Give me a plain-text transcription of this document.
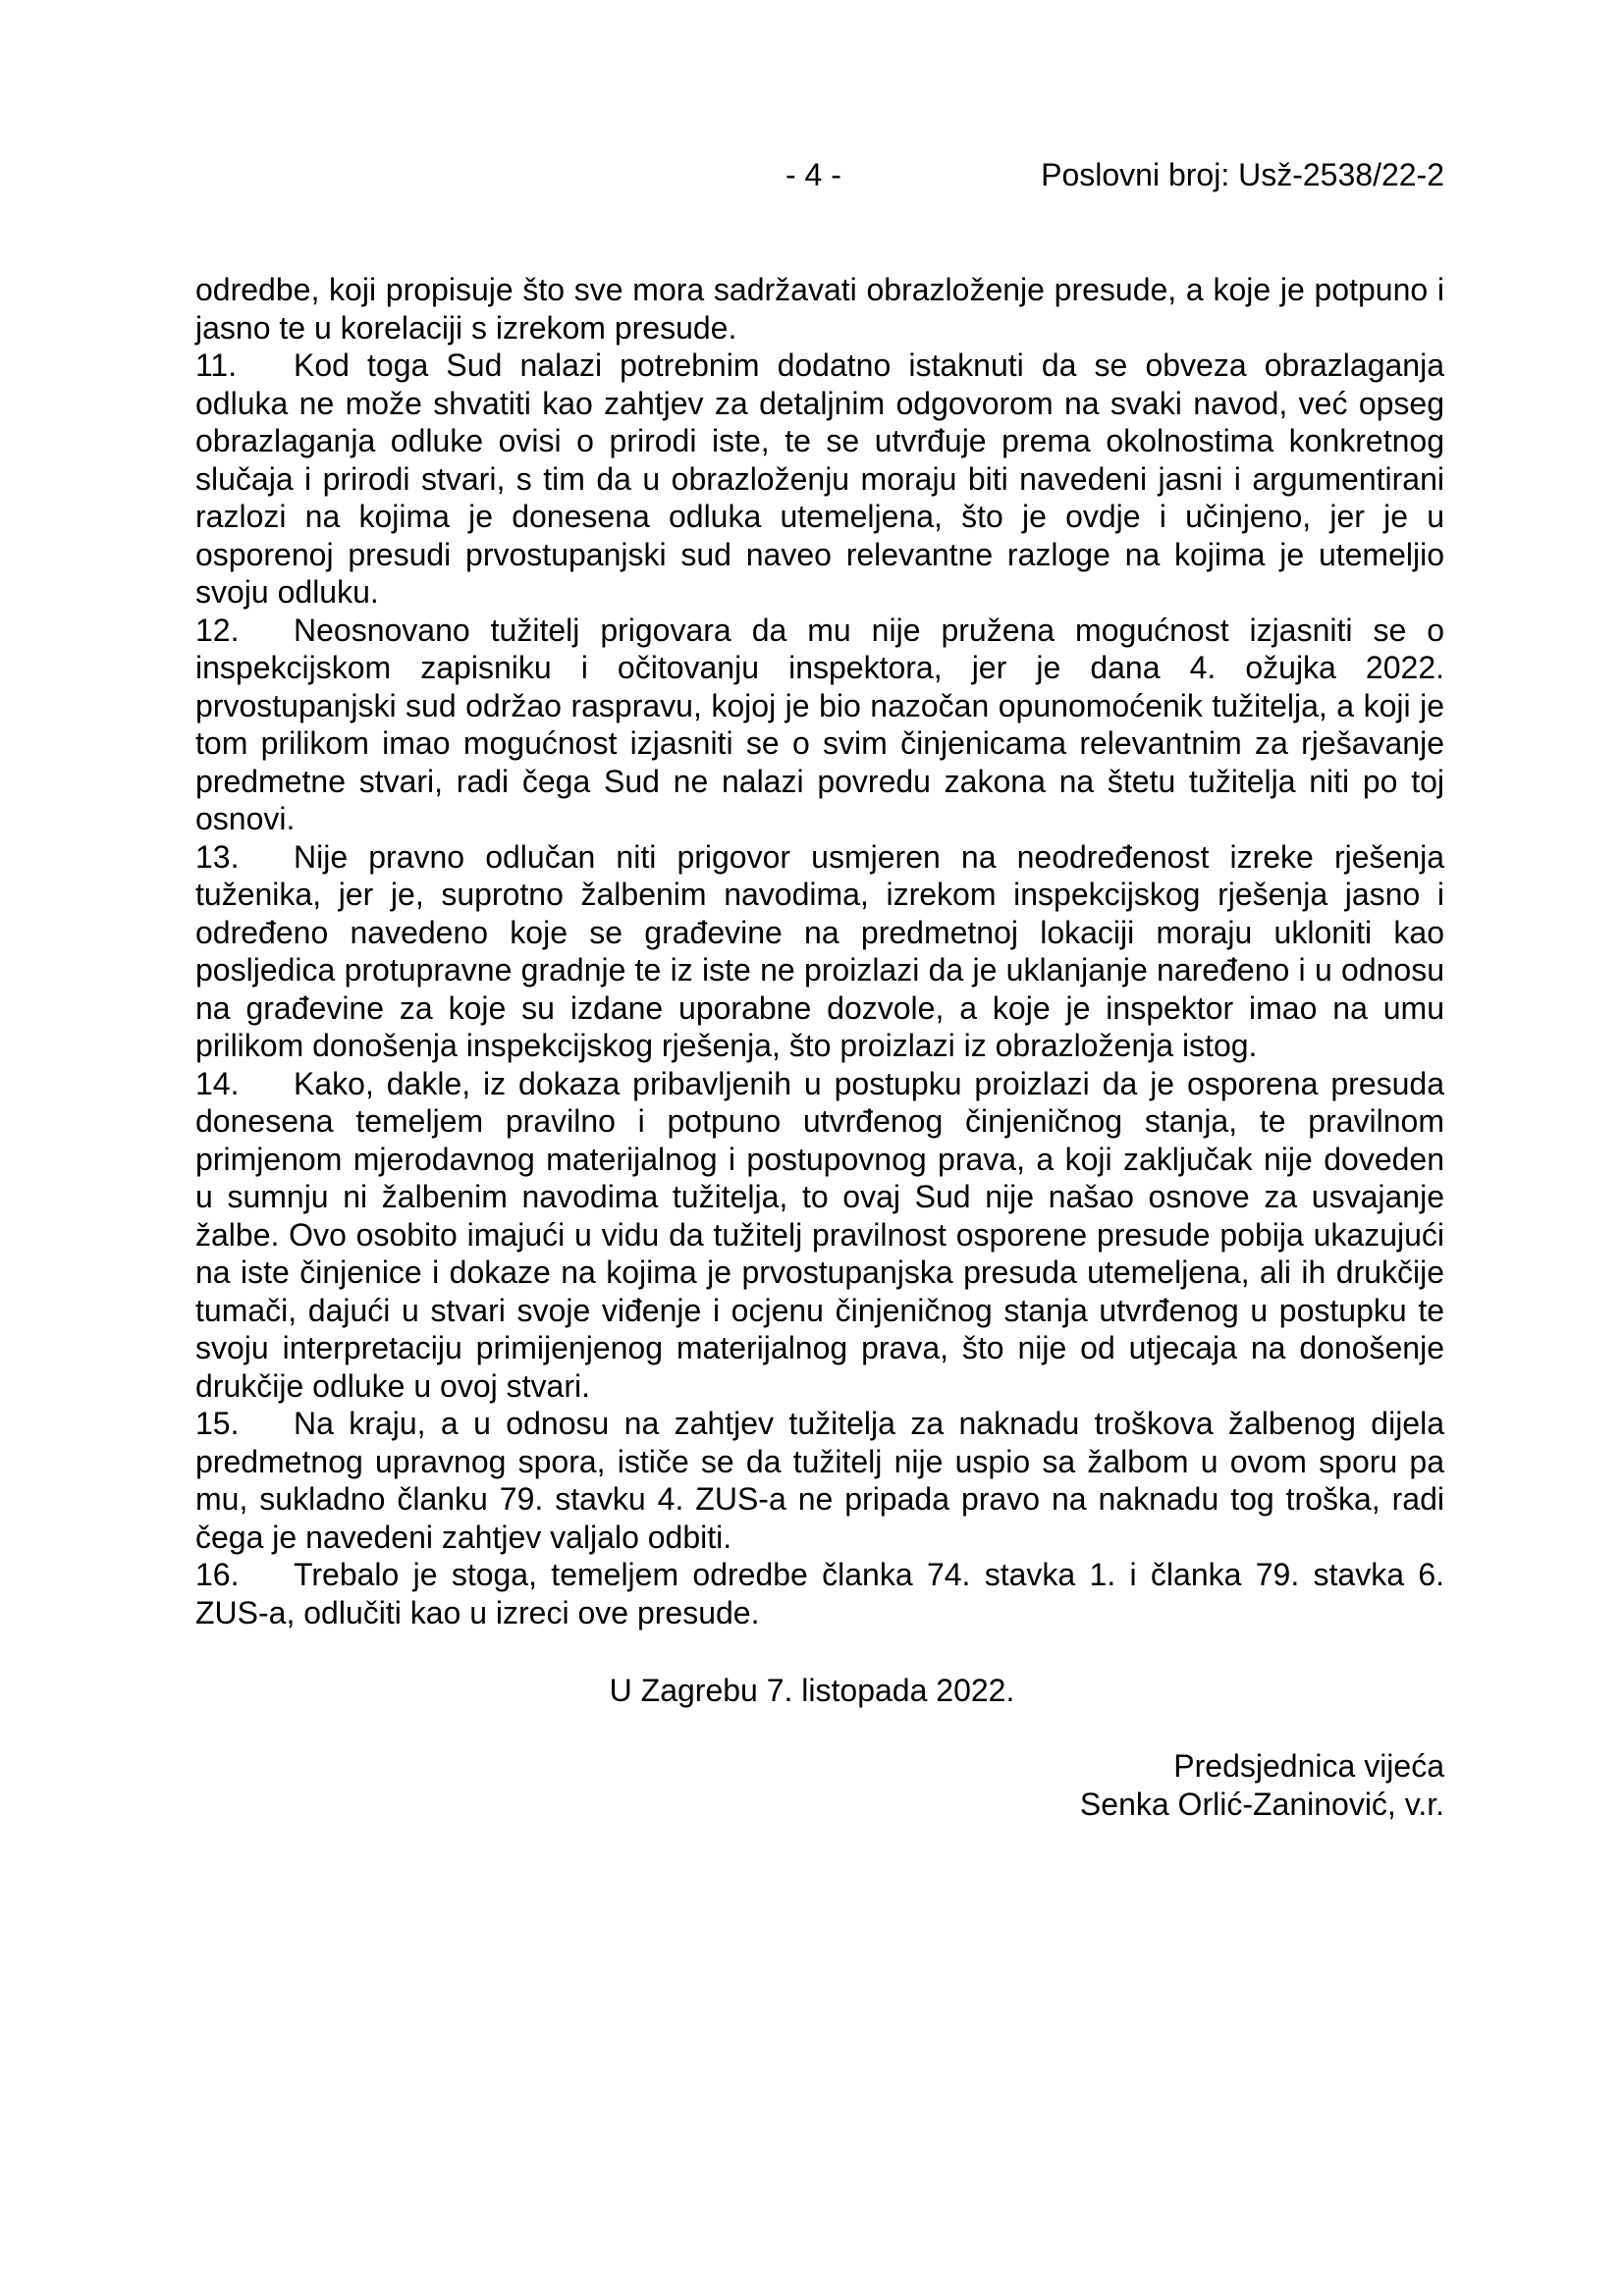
- 4 -	Poslovni broj: Usž-2538/22-2

odredbe, koji propisuje što sve mora sadržavati obrazloženje presude, a koje je potpuno i jasno te u korelaciji s izrekom presude.

11. Kod toga Sud nalazi potrebnim dodatno istaknuti da se obveza obrazlaganja odluka ne može shvatiti kao zahtjev za detaljnim odgovorom na svaki navod, već opseg obrazlaganja odluke ovisi o prirodi iste, te se utvrđuje prema okolnostima konkretnog slučaja i prirodi stvari, s tim da u obrazloženju moraju biti navedeni jasni i argumentirani razlozi na kojima je donesena odluka utemeljena, što je ovdje i učinjeno, jer je u osporenoj presudi prvostupanjski sud naveo relevantne razloge na kojima je utemeljio svoju odluku.

12. Neosnovano tužitelj prigovara da mu nije pružena mogućnost izjasniti se o inspekcijskom zapisniku i očitovanju inspektora, jer je dana 4. ožujka 2022. prvostupanjski sud održao raspravu, kojoj je bio nazočan opunomoćenik tužitelja, a koji je tom prilikom imao mogućnost izjasniti se o svim činjenicama relevantnim za rješavanje predmetne stvari, radi čega Sud ne nalazi povredu zakona na štetu tužitelja niti po toj osnovi.

13. Nije pravno odlučan niti prigovor usmjeren na neodređenost izreke rješenja tuženika, jer je, suprotno žalbenim navodima, izrekom inspekcijskog rješenja jasno i određeno navedeno koje se građevine na predmetnoj lokaciji moraju ukloniti kao posljedica protupravne gradnje te iz iste ne proizlazi da je uklanjanje naređeno i u odnosu na građevine za koje su izdane uporabne dozvole, a koje je inspektor imao na umu prilikom donošenja inspekcijskog rješenja, što proizlazi iz obrazloženja istog.

14. Kako, dakle, iz dokaza pribavljenih u postupku proizlazi da je osporena presuda donesena temeljem pravilno i potpuno utvrđenog činjeničnog stanja, te pravilnom primjenom mjerodavnog materijalnog i postupovnog prava, a koji zaključak nije doveden u sumnju ni žalbenim navodima tužitelja, to ovaj Sud nije našao osnove za usvajanje žalbe. Ovo osobito imajući u vidu da tužitelj pravilnost osporene presude pobija ukazujući na iste činjenice i dokaze na kojima je prvostupanjska presuda utemeljena, ali ih drukčije tumači, dajući u stvari svoje viđenje i ocjenu činjeničnog stanja utvrđenog u postupku te svoju interpretaciju primijenjenog materijalnog prava, što nije od utjecaja na donošenje drukčije odluke u ovoj stvari.

15. Na kraju, a u odnosu na zahtjev tužitelja za naknadu troškova žalbenog dijela predmetnog upravnog spora, ističe se da tužitelj nije uspio sa žalbom u ovom sporu pa mu, sukladno članku 79. stavku 4. ZUS-a ne pripada pravo na naknadu tog troška, radi čega je navedeni zahtjev valjalo odbiti.

16. Trebalo je stoga, temeljem odredbe članka 74. stavka 1. i članka 79. stavka 6. ZUS-a, odlučiti kao u izreci ove presude.

U Zagrebu 7. listopada 2022.
Predsjednica vijeća
Senka Orlić-Zaninović, v.r.
